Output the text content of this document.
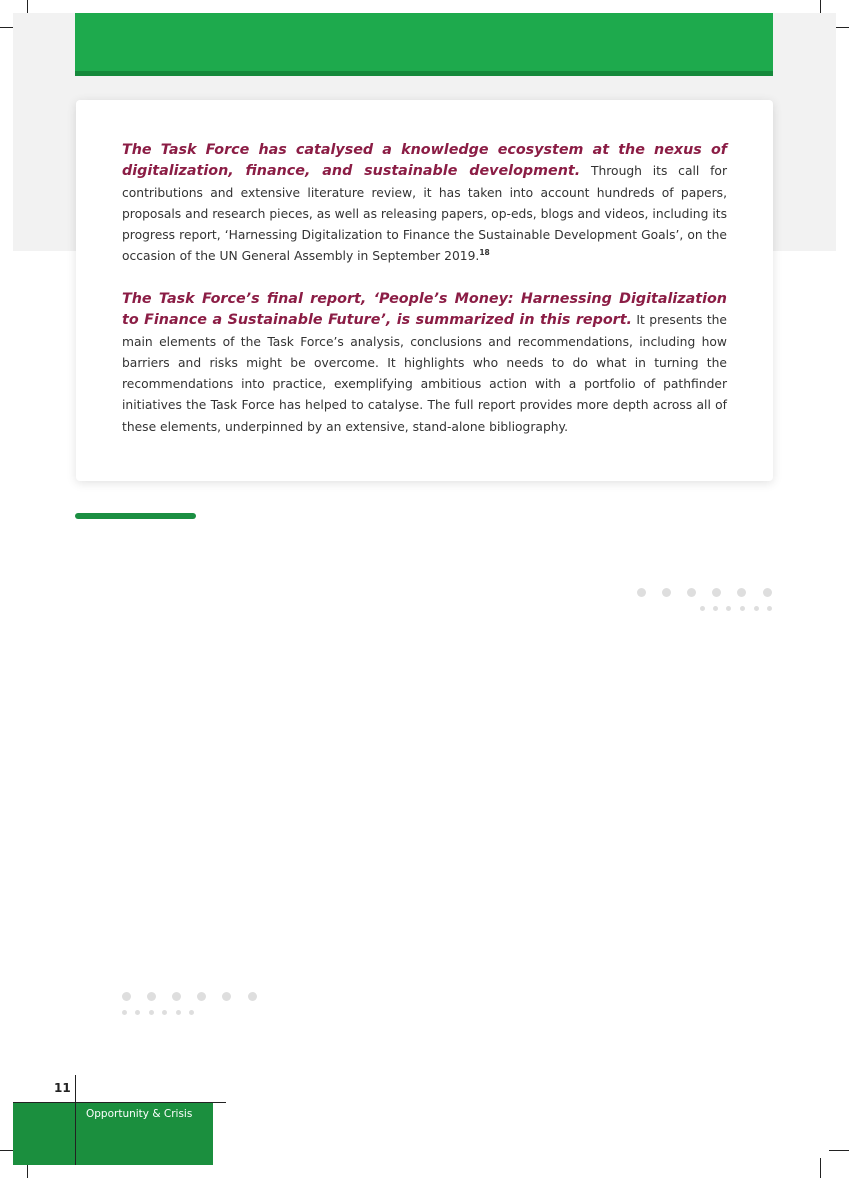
The Task Force has catalysed a knowledge ecosystem at the nexus of digitalization, finance, and sustainable development. Through its call for contributions and extensive literature review, it has taken into account hundreds of papers, proposals and research pieces, as well as releasing papers, op-eds, blogs and videos, including its progress report, ‘Harnessing Digitalization to Finance the Sustainable Development Goals’, on the occasion of the UN General Assembly in September 2019.18

The Task Force’s final report, ‘People’s Money: Harnessing Digitalization to Finance a Sustainable Future’, is summarized in this report. It presents the main elements of the Task Force’s analysis, conclusions and recommendations, including how barriers and risks might be overcome. It highlights who needs to do what in turning the recommendations into practice, exemplifying ambitious action with a portfolio of pathfinder initiatives the Task Force has helped to catalyse. The full report provides more depth across all of these elements, underpinned by an extensive, stand-alone bibliography.

11
Opportunity & Crisis
